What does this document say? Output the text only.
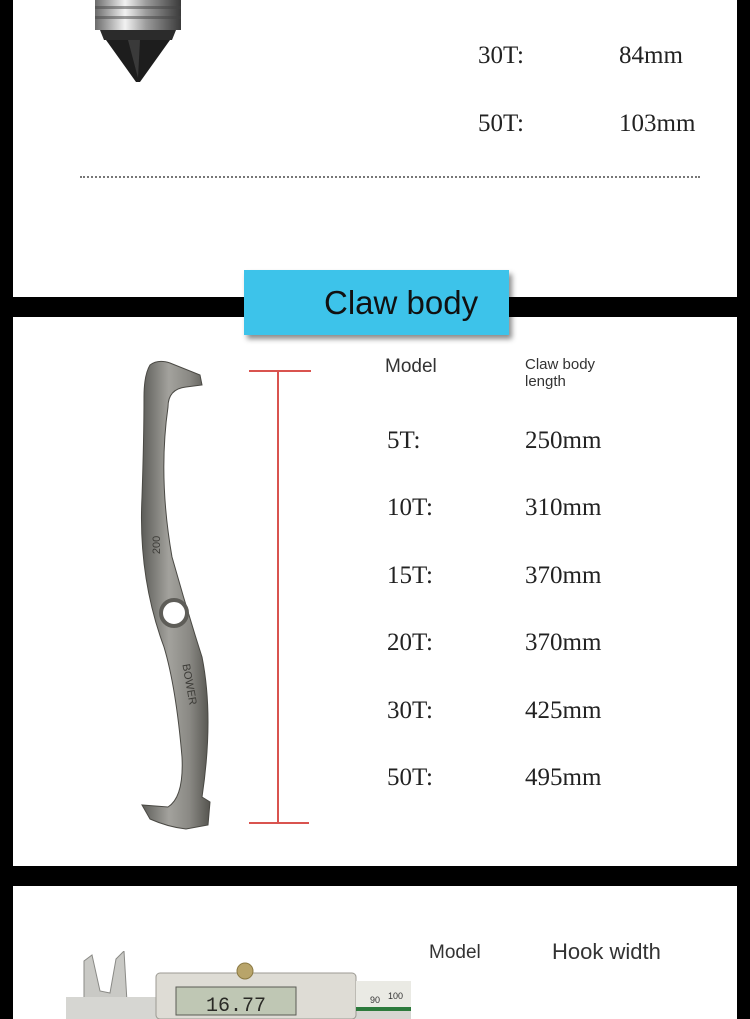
30T:	84mm
50T:	103mm
200
BOWER
Model	Claw body
length
5T:	250mm
10T:	310mm
15T:	370mm
20T:	370mm
30T:	425mm
50T:	495mm
Claw body
16.77	90 100
Model	Hook width
